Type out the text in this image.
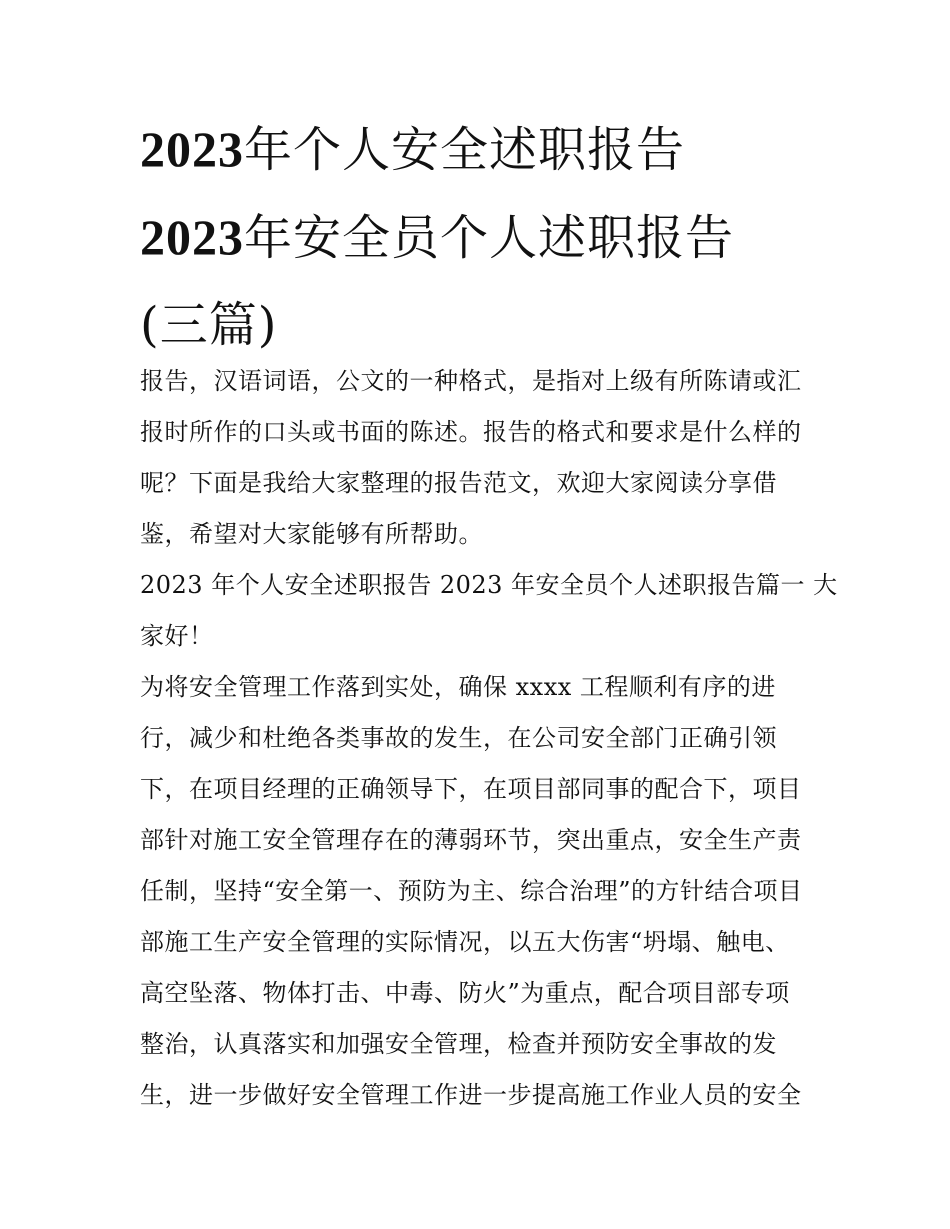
2023年个人安全述职报告
2023年安全员个人述职报告
(三篇)
报告，汉语词语，公文的一种格式，是指对上级有所陈请或汇
报时所作的口头或书面的陈述。报告的格式和要求是什么样的
呢？下面是我给大家整理的报告范文，欢迎大家阅读分享借
鉴，希望对大家能够有所帮助。
2023 年个人安全述职报告 2023 年安全员个人述职报告篇一 大
家好！
为将安全管理工作落到实处，确保 xxxx 工程顺利有序的进
行，减少和杜绝各类事故的发生，在公司安全部门正确引领
下，在项目经理的正确领导下，在项目部同事的配合下，项目
部针对施工安全管理存在的薄弱环节，突出重点，安全生产责
任制，坚持“安全第一、预防为主、综合治理”的方针结合项目
部施工生产安全管理的实际情况，以五大伤害“坍塌、触电、
高空坠落、物体打击、中毒、防火”为重点，配合项目部专项
整治，认真落实和加强安全管理，检查并预防安全事故的发
生，进一步做好安全管理工作进一步提高施工作业人员的安全
